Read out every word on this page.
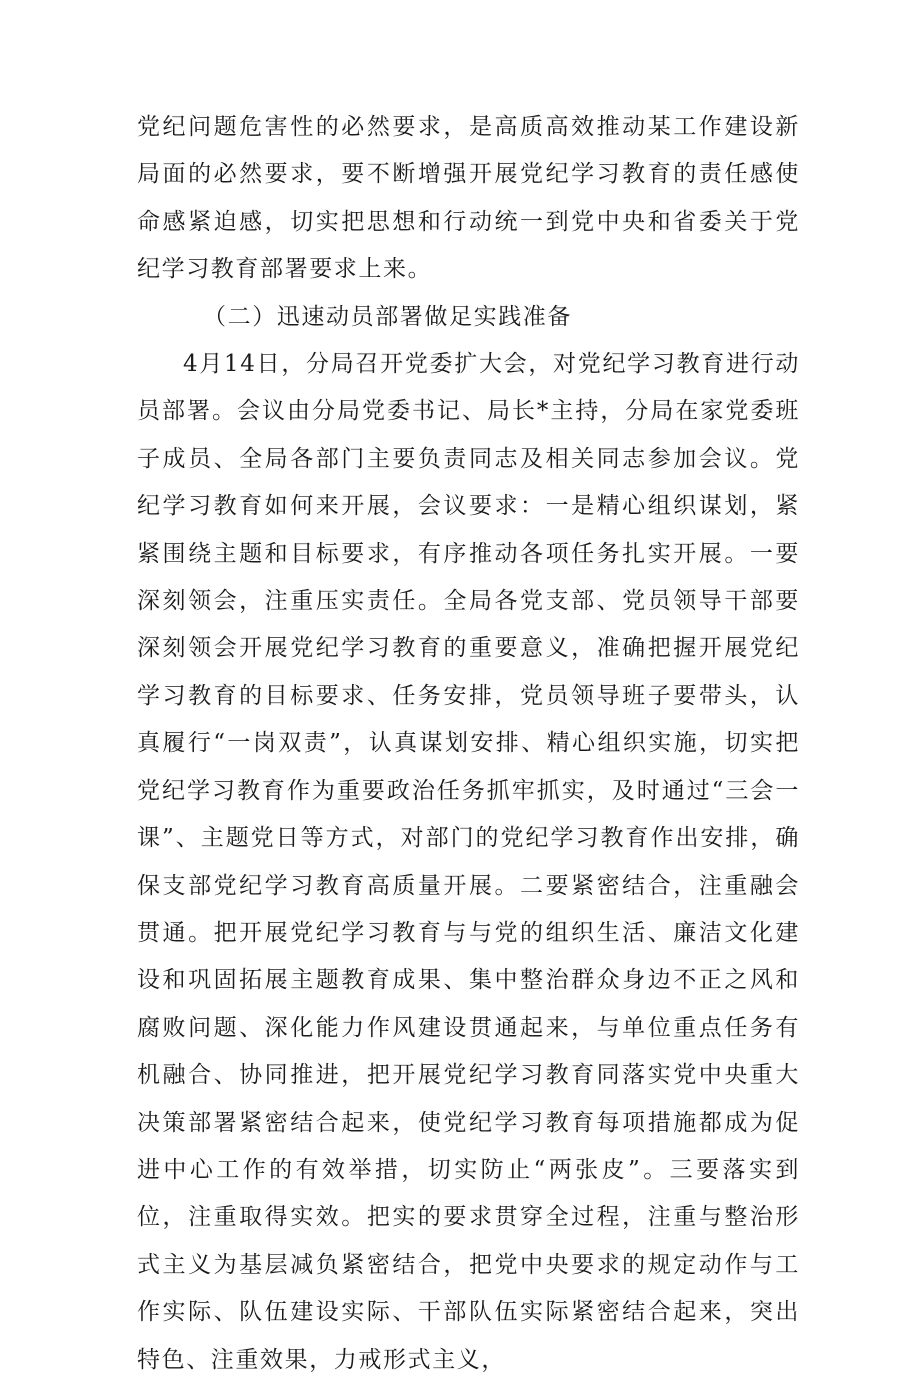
党纪问题危害性的必然要求，是高质高效推动某工作建设新局面的必然要求，要不断增强开展党纪学习教育的责任感使命感紧迫感，切实把思想和行动统一到党中央和省委关于党纪学习教育部署要求上来。

（二）迅速动员部署做足实践准备

4月14日，分局召开党委扩大会，对党纪学习教育进行动员部署。会议由分局党委书记、局长*主持，分局在家党委班子成员、全局各部门主要负责同志及相关同志参加会议。党纪学习教育如何来开展，会议要求：一是精心组织谋划，紧紧围绕主题和目标要求，有序推动各项任务扎实开展。一要深刻领会，注重压实责任。全局各党支部、党员领导干部要深刻领会开展党纪学习教育的重要意义，准确把握开展党纪学习教育的目标要求、任务安排，党员领导班子要带头，认真履行“一岗双责”，认真谋划安排、精心组织实施，切实把党纪学习教育作为重要政治任务抓牢抓实，及时通过“三会一课”、主题党日等方式，对部门的党纪学习教育作出安排，确保支部党纪学习教育高质量开展。二要紧密结合，注重融会贯通。把开展党纪学习教育与与党的组织生活、廉洁文化建设和巩固拓展主题教育成果、集中整治群众身边不正之风和腐败问题、深化能力作风建设贯通起来，与单位重点任务有机融合、协同推进，把开展党纪学习教育同落实党中央重大决策部署紧密结合起来，使党纪学习教育每项措施都成为促进中心工作的有效举措，切实防止“两张皮”。三要落实到位，注重取得实效。把实的要求贯穿全过程，注重与整治形式主义为基层减负紧密结合，把党中央要求的规定动作与工作实际、队伍建设实际、干部队伍实际紧密结合起来，突出特色、注重效果，力戒形式主义，
